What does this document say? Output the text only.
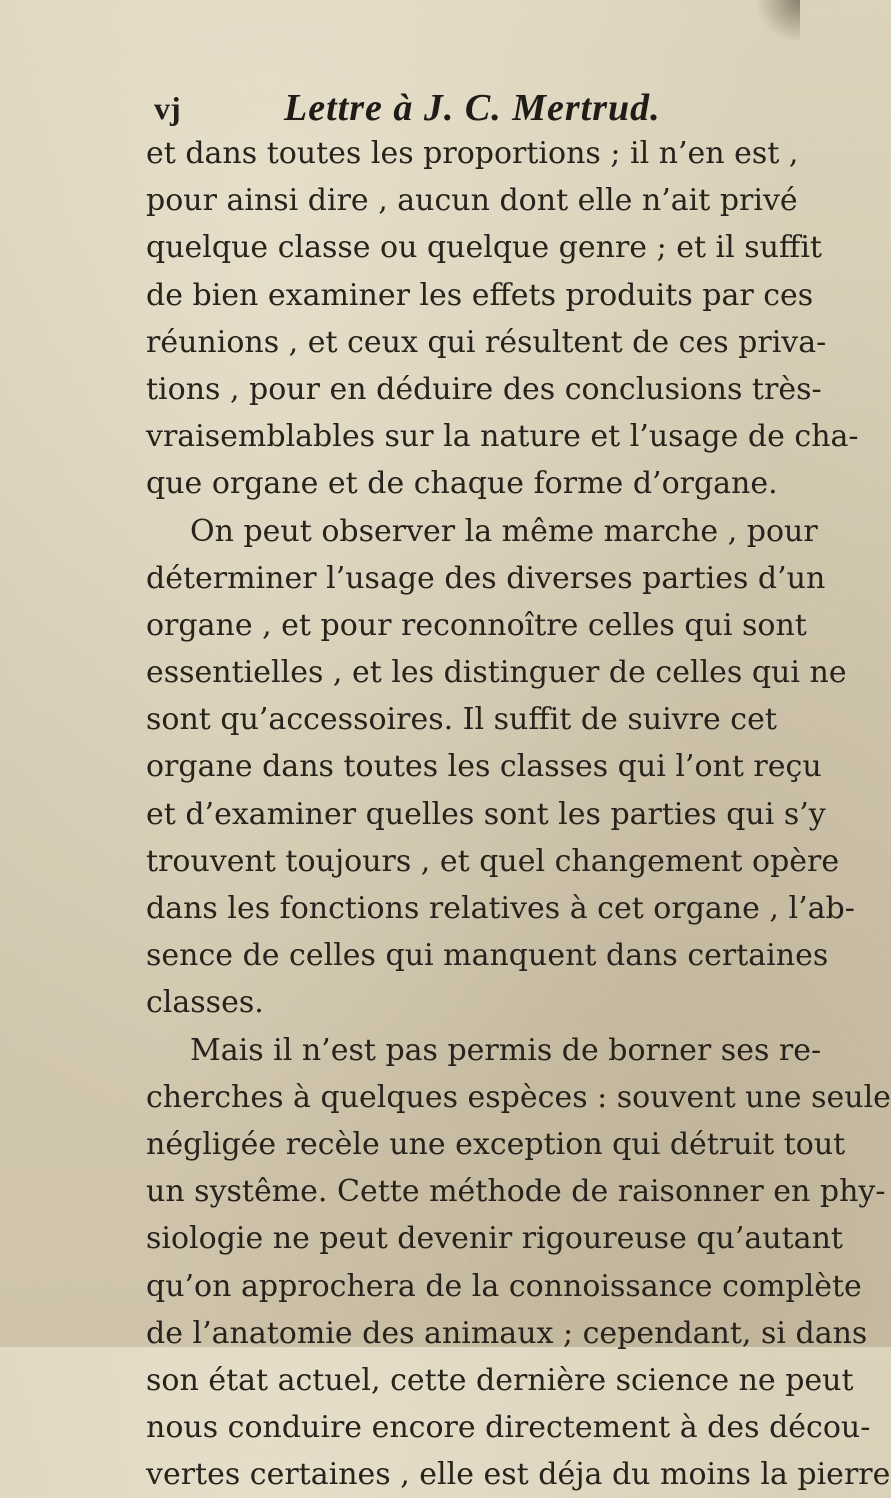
vj	Lettre à J. C. Mertrud.
et dans toutes les proportions ; il n’en est ,
pour ainsi dire , aucun dont elle n’ait privé
quelque classe ou quelque genre ; et il suffit
de bien examiner les effets produits par ces
réunions , et ceux qui résultent de ces priva-
tions , pour en déduire des conclusions très-
vraisemblables sur la nature et l’usage de cha-
que organe et de chaque forme d’organe.
On peut observer la même marche , pour
déterminer l’usage des diverses parties d’un
organe , et pour reconnoître celles qui sont
essentielles , et les distinguer de celles qui ne
sont qu’accessoires. Il suffit de suivre cet
organe dans toutes les classes qui l’ont reçu
et d’examiner quelles sont les parties qui s’y
trouvent toujours , et quel changement opère
dans les fonctions relatives à cet organe , l’ab-
sence de celles qui manquent dans certaines
classes.
Mais il n’est pas permis de borner ses re-
cherches à quelques espèces : souvent une seule
négligée recèle une exception qui détruit tout
un systême. Cette méthode de raisonner en phy-
siologie ne peut devenir rigoureuse qu’autant
qu’on approchera de la connoissance complète
de l’anatomie des animaux ; cependant, si dans
son état actuel, cette dernière science ne peut
nous conduire encore directement à des décou-
vertes certaines , elle est déja du moins la pierre
